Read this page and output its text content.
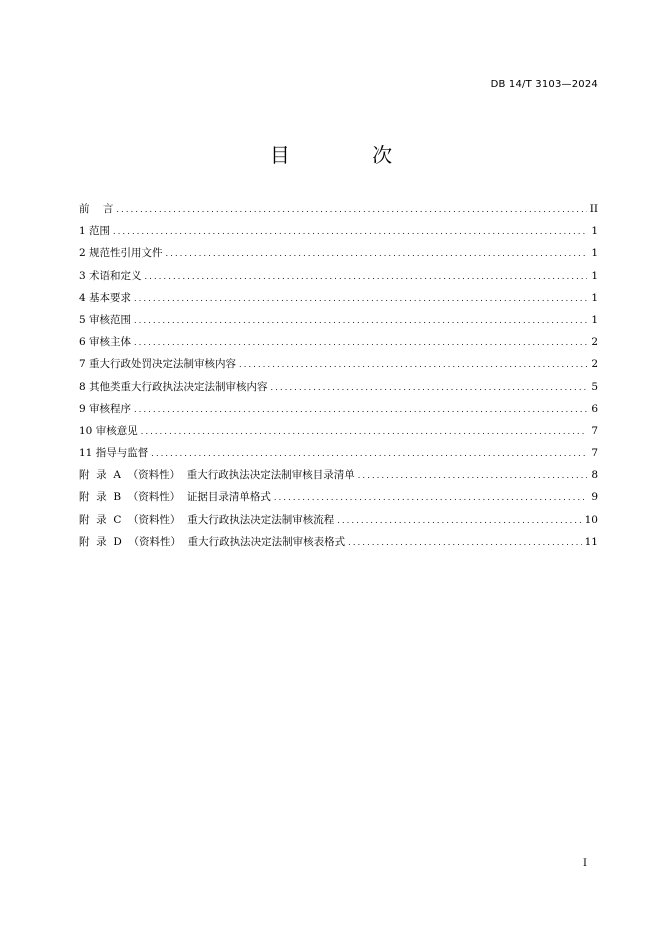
DB 14/T 3103—2024
目 次
前    言 .....	II
1 范围 .....	1
2 规范性引用文件 .....	1
3 术语和定义 .....	1
4 基本要求 .....	1
5 审核范围 .....	1
6 审核主体 .....	2
7 重大行政处罚决定法制审核内容 .....	2
8 其他类重大行政执法决定法制审核内容 .....	5
9 审核程序 .....	6
10 审核意见 .....	7
11 指导与监督 .....	7
附  录  A  （资料性）  重大行政执法决定法制审核目录清单 .....	8
附  录  B  （资料性）  证据目录清单格式 .....	9
附  录  C  （资料性）  重大行政执法决定法制审核流程 .....	10
附  录  D  （资料性）  重大行政执法决定法制审核表格式 .....	11
I
